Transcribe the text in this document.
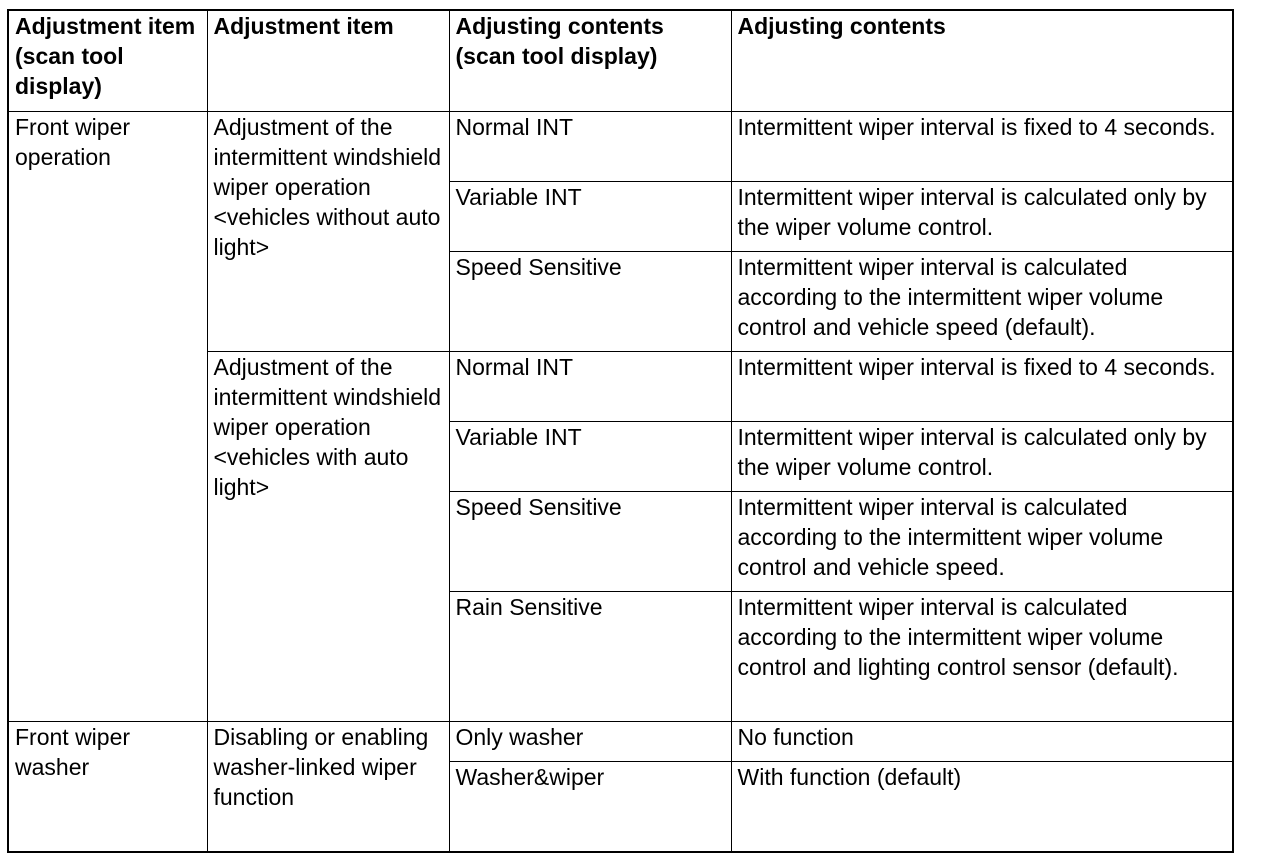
Adjustment item (scan tool display)	Adjustment item	Adjusting contents (scan tool display)	Adjusting contents
Front wiper operation	Adjustment of the intermittent windshield wiper operation <vehicles without auto light>	Normal INT	Intermittent wiper interval is fixed to 4 seconds.
		Variable INT	Intermittent wiper interval is calculated only by the wiper volume control.
		Speed Sensitive	Intermittent wiper interval is calculated according to the intermittent wiper volume control and vehicle speed (default).
	Adjustment of the intermittent windshield wiper operation <vehicles with auto light>	Normal INT	Intermittent wiper interval is fixed to 4 seconds.
		Variable INT	Intermittent wiper interval is calculated only by the wiper volume control.
		Speed Sensitive	Intermittent wiper interval is calculated according to the intermittent wiper volume control and vehicle speed.
		Rain Sensitive	Intermittent wiper interval is calculated according to the intermittent wiper volume control and lighting control sensor (default).
Front wiper washer	Disabling or enabling washer-linked wiper function	Only washer	No function
		Washer&wiper	With function (default)
